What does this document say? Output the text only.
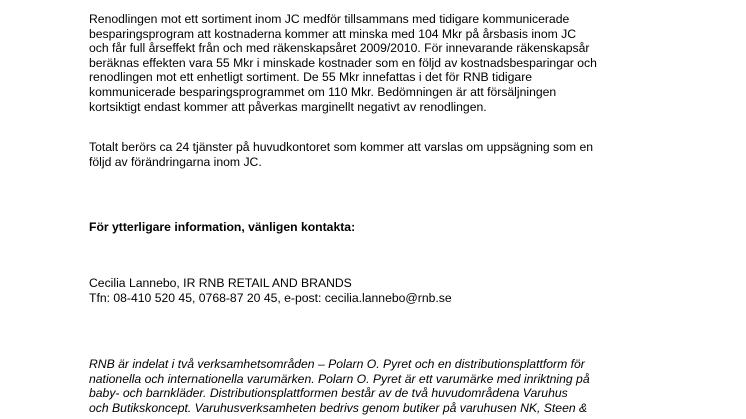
Renodlingen mot ett sortiment inom JC medför tillsammans med tidigare kommunicerade
besparingsprogram att kostnaderna kommer att minska med 104 Mkr på årsbasis inom JC
och får full årseffekt från och med räkenskapsåret 2009/2010. För innevarande räkenskapsår
beräknas effekten vara 55 Mkr i minskade kostnader som en följd av kostnadsbesparingar och
renodlingen mot ett enhetligt sortiment. De 55 Mkr innefattas i det för RNB tidigare
kommunicerade besparingsprogrammet om 110 Mkr. Bedömningen är att försäljningen
kortsiktigt endast kommer att påverkas marginellt negativt av renodlingen.
Totalt berörs ca 24 tjänster på huvudkontoret som kommer att varslas om uppsägning som en
följd av förändringarna inom JC.
För ytterligare information, vänligen kontakta:
Cecilia Lannebo, IR RNB RETAIL AND BRANDS
Tfn: 08-410 520 45, 0768-87 20 45, e-post: cecilia.lannebo@rnb.se
RNB är indelat i två verksamhetsområden – Polarn O. Pyret och en distributionsplattform för
nationella och internationella varumärken. Polarn O. Pyret är ett varumärke med inriktning på
baby- och barnkläder. Distributionsplattformen består av de två huvudområdena Varuhus
och Butikskoncept. Varuhusverksamheten bedrivs genom butiker på varuhusen NK, Steen &
